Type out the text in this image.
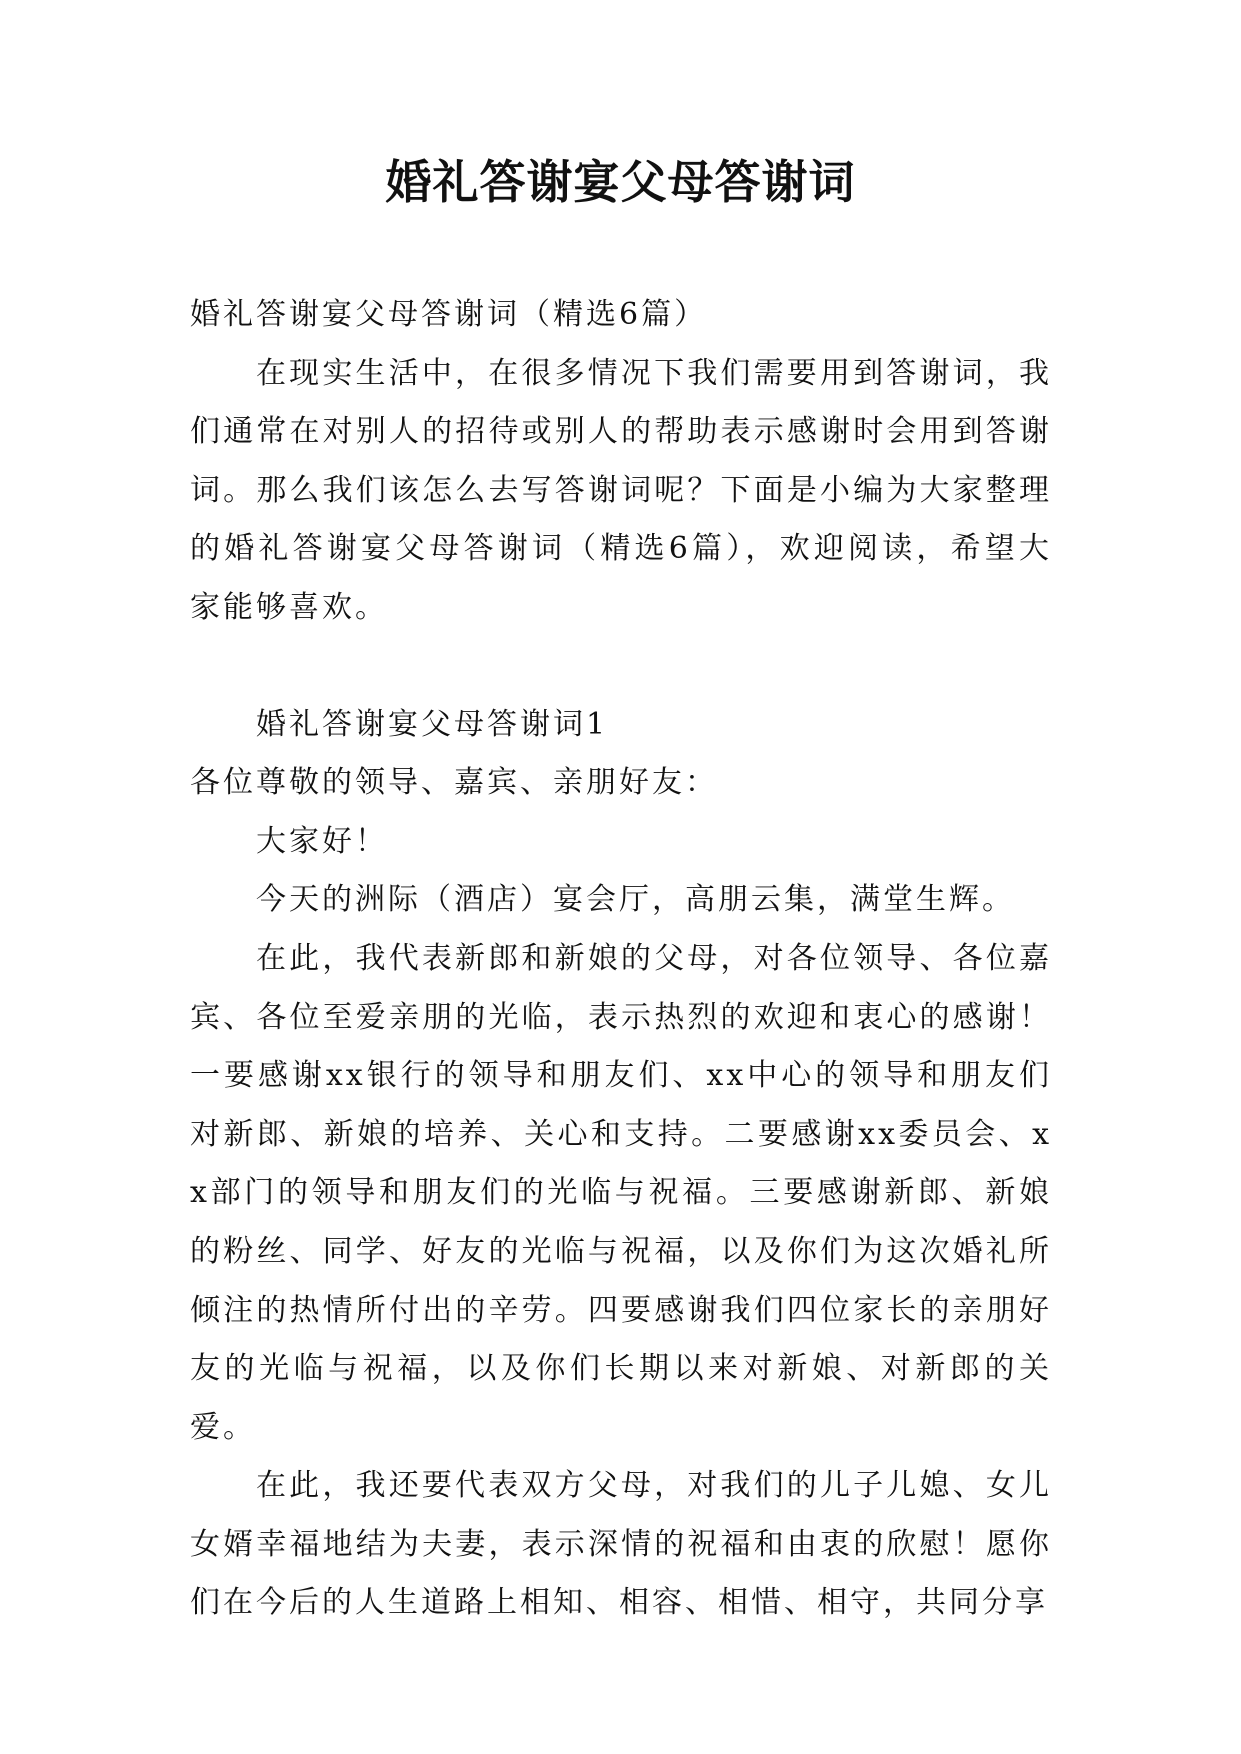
婚礼答谢宴父母答谢词

婚礼答谢宴父母答谢词（精选6篇）

在现实生活中，在很多情况下我们需要用到答谢词，我们通常在对别人的招待或别人的帮助表示感谢时会用到答谢词。那么我们该怎么去写答谢词呢？下面是小编为大家整理的婚礼答谢宴父母答谢词（精选6篇），欢迎阅读，希望大家能够喜欢。

婚礼答谢宴父母答谢词1

各位尊敬的领导、嘉宾、亲朋好友：

大家好！

今天的洲际（酒店）宴会厅，高朋云集，满堂生辉。

在此，我代表新郎和新娘的父母，对各位领导、各位嘉宾、各位至爱亲朋的光临，表示热烈的欢迎和衷心的感谢！一要感谢xx银行的领导和朋友们、xx中心的领导和朋友们对新郎、新娘的培养、关心和支持。二要感谢xx委员会、xx部门的领导和朋友们的光临与祝福。三要感谢新郎、新娘的粉丝、同学、好友的光临与祝福，以及你们为这次婚礼所倾注的热情所付出的辛劳。四要感谢我们四位家长的亲朋好友的光临与祝福，以及你们长期以来对新娘、对新郎的关爱。

在此，我还要代表双方父母，对我们的儿子儿媳、女儿女婿幸福地结为夫妻，表示深情的祝福和由衷的欣慰！愿你们在今后的人生道路上相知、相容、相惜、相守，共同分享
